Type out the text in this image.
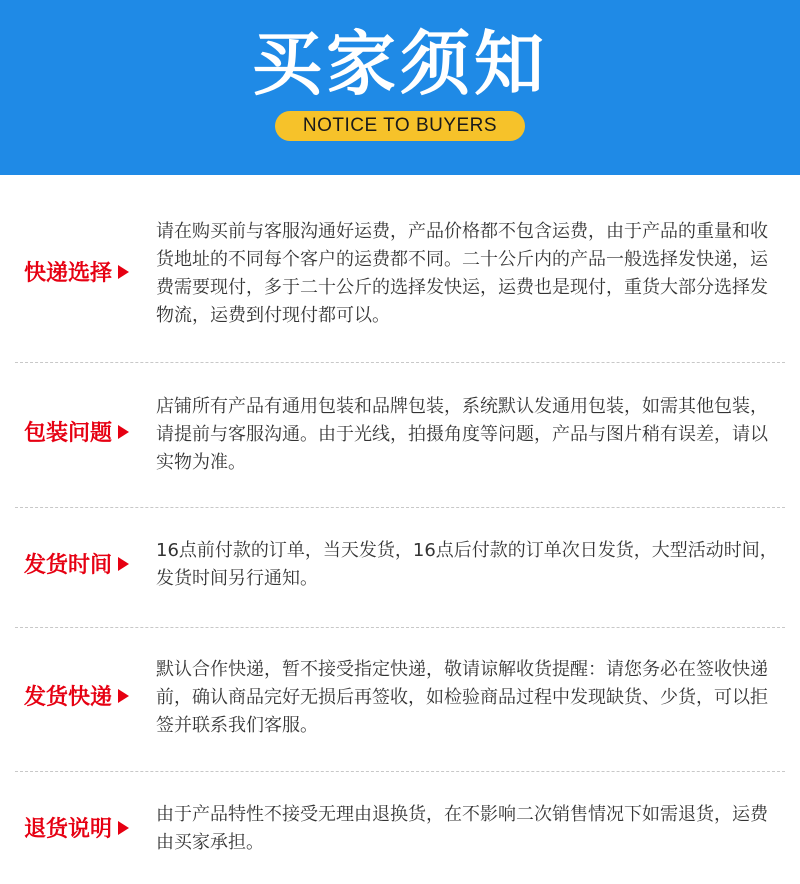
买家须知
NOTICE TO BUYERS
快递选择
请在购买前与客服沟通好运费，产品价格都不包含运费，由于产品的重量和收货地址的不同每个客户的运费都不同。二十公斤内的产品一般选择发快递，运费需要现付，多于二十公斤的选择发快运，运费也是现付，重货大部分选择发物流，运费到付现付都可以。
包装问题
店铺所有产品有通用包装和品牌包装，系统默认发通用包装，如需其他包装，请提前与客服沟通。由于光线，拍摄角度等问题，产品与图片稍有误差，请以实物为准。
发货时间
16点前付款的订单，当天发货，16点后付款的订单次日发货，大型活动时间，发货时间另行通知。
发货快递
默认合作快递，暂不接受指定快递，敬请谅解收货提醒：请您务必在签收快递前，确认商品完好无损后再签收，如检验商品过程中发现缺货、少货，可以拒签并联系我们客服。
退货说明
由于产品特性不接受无理由退换货，在不影响二次销售情况下如需退货，运费由买家承担。
